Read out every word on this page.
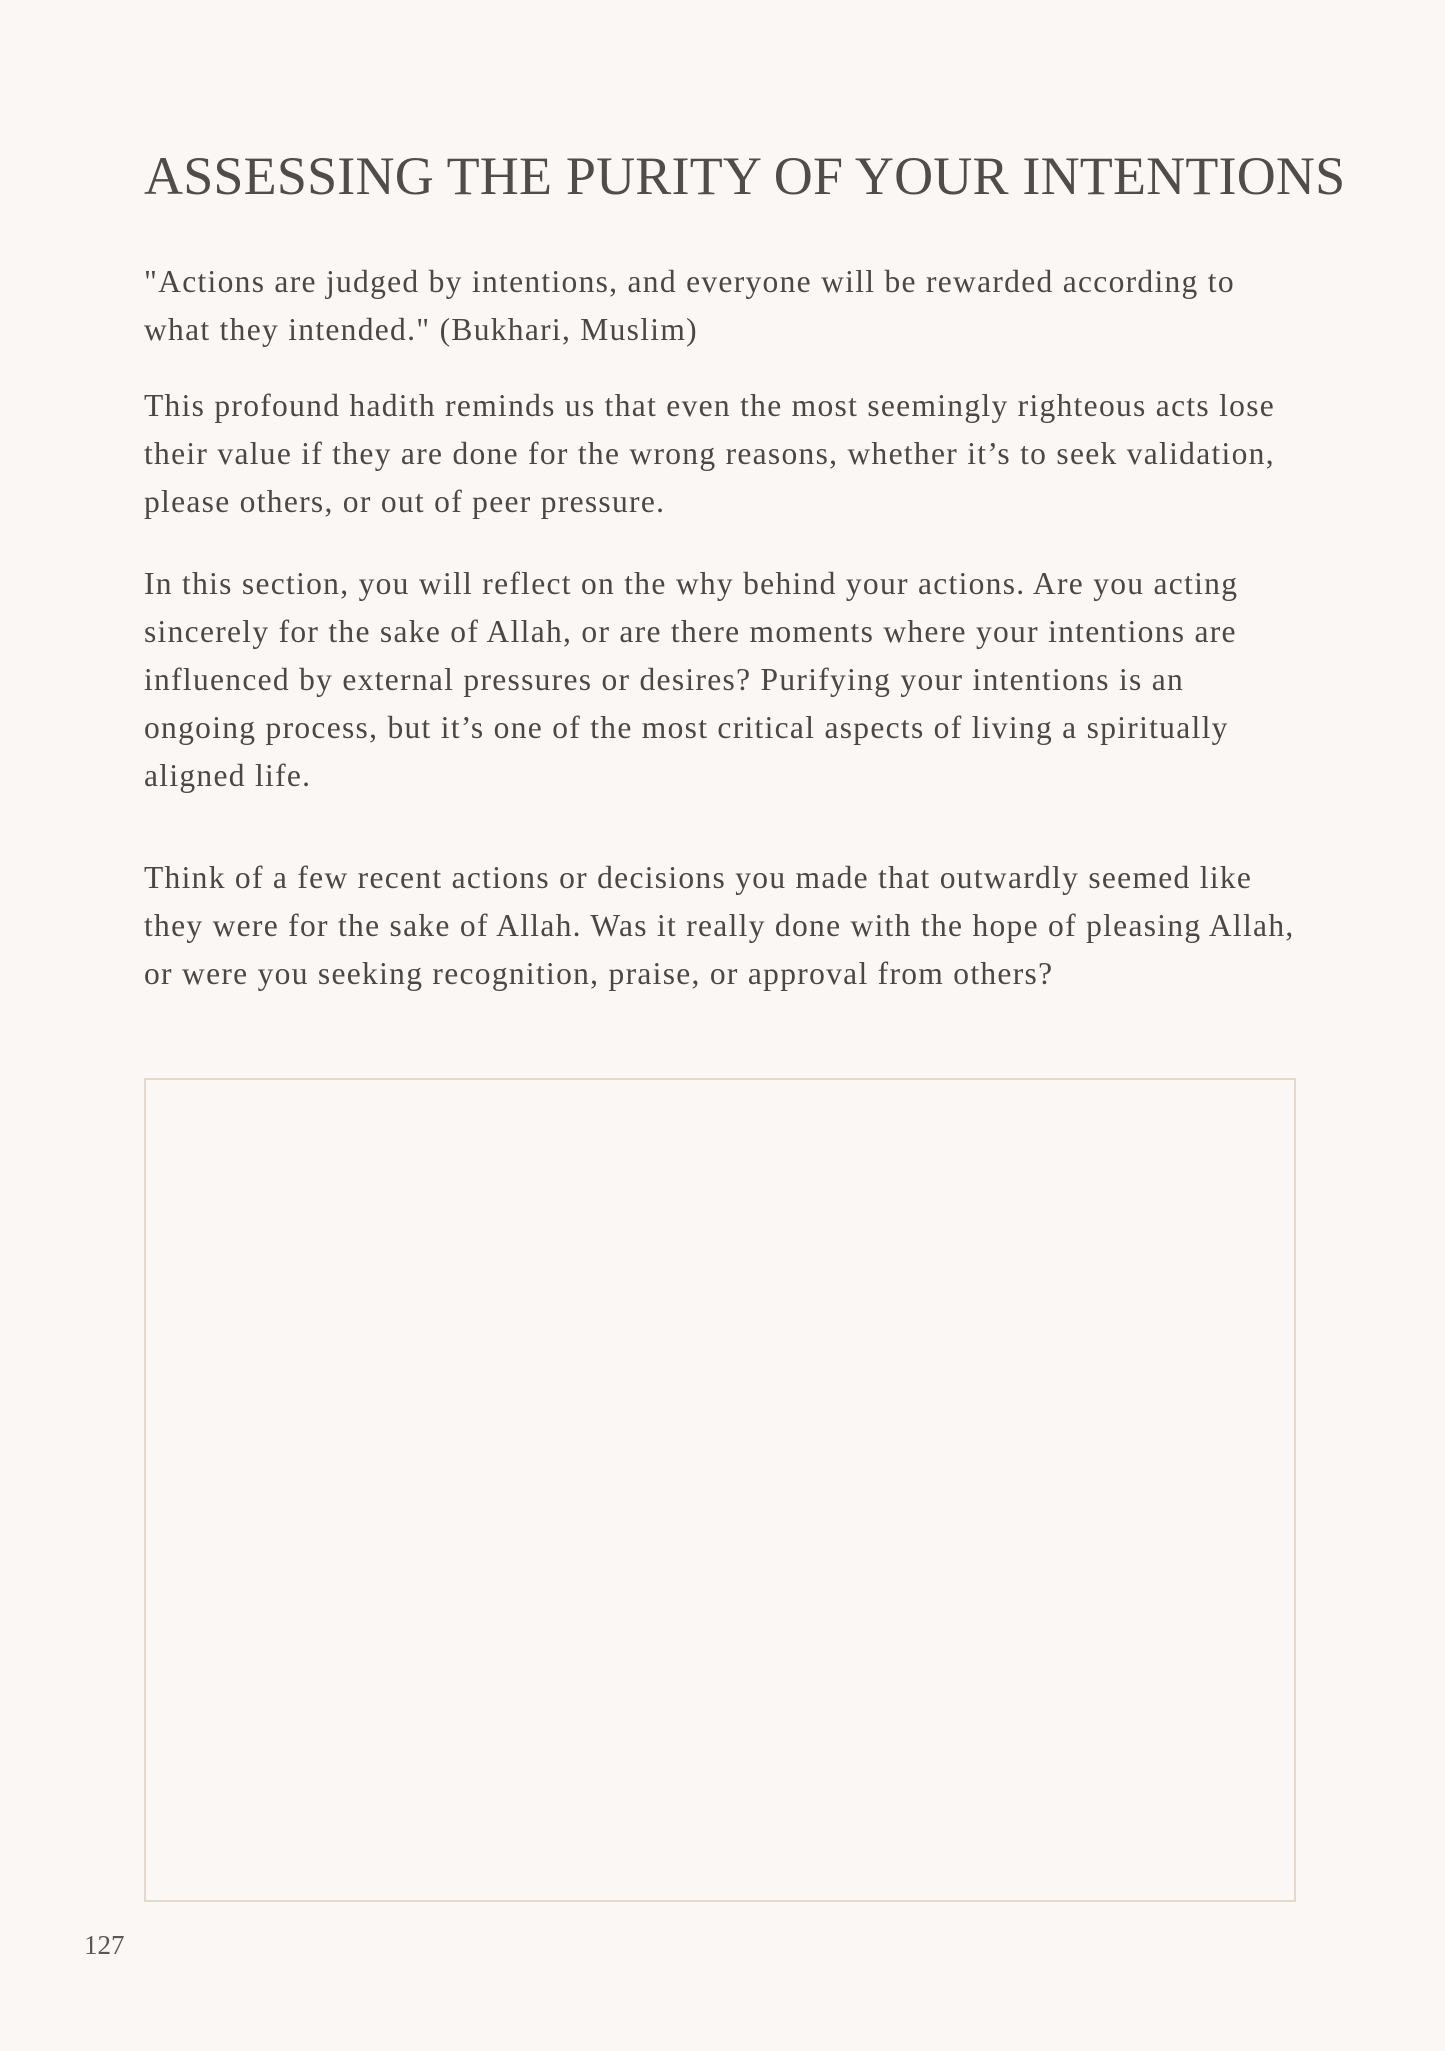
ASSESSING THE PURITY OF YOUR INTENTIONS

"Actions are judged by intentions, and everyone will be rewarded according to what they intended." (Bukhari, Muslim)

This profound hadith reminds us that even the most seemingly righteous acts lose their value if they are done for the wrong reasons, whether it’s to seek validation, please others, or out of peer pressure.

In this section, you will reflect on the why behind your actions. Are you acting sincerely for the sake of Allah, or are there moments where your intentions are influenced by external pressures or desires? Purifying your intentions is an ongoing process, but it’s one of the most critical aspects of living a spiritually aligned life.

Think of a few recent actions or decisions you made that outwardly seemed like they were for the sake of Allah. Was it really done with the hope of pleasing Allah, or were you seeking recognition, praise, or approval from others?

127
